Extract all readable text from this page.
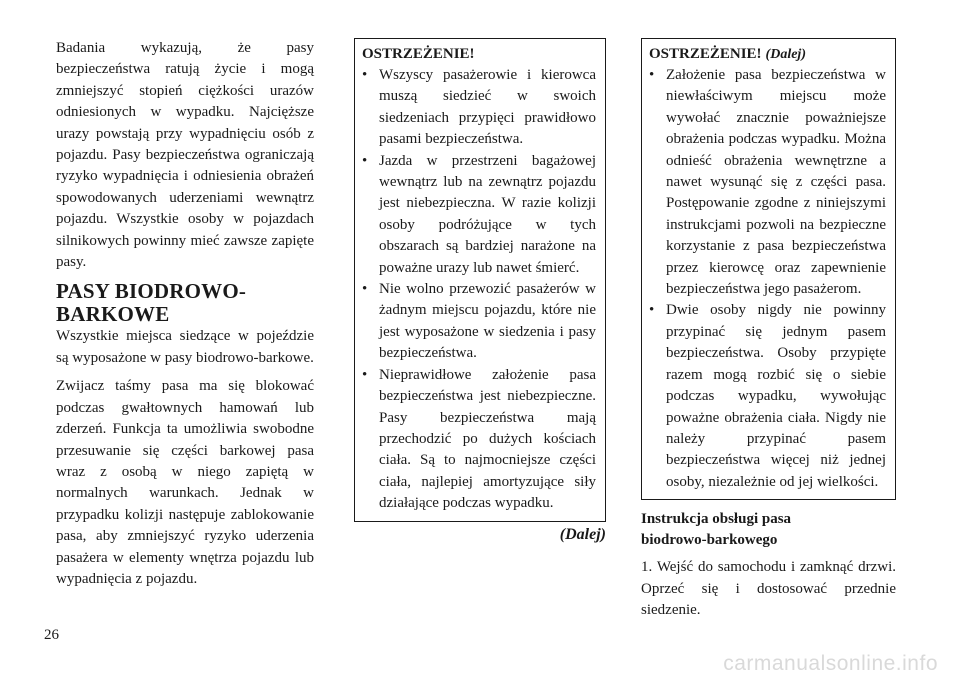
Badania wykazują, że pasy bezpieczeństwa ratują życie i mogą zmniejszyć stopień ciężkości urazów odniesionych w wypadku. Najcięższe urazy powstają przy wypadnięciu osób z pojazdu. Pasy bezpieczeństwa ograniczają ryzyko wypadnięcia i odniesienia obrażeń spowodowanych uderzeniami wewnątrz pojazdu. Wszystkie osoby w pojazdach silnikowych powinny mieć zawsze zapięte pasy.

PASY BIODROWO-BARKOWE

Wszystkie miejsca siedzące w pojeździe są wyposażone w pasy biodrowo-barkowe.

Zwijacz taśmy pasa ma się blokować podczas gwałtownych hamowań lub zderzeń. Funkcja ta umożliwia swobodne przesuwanie się części barkowej pasa wraz z osobą w niego zapiętą w normalnych warunkach. Jednak w przypadku kolizji następuje zablokowanie pasa, aby zmniejszyć ryzyko uderzenia pasażera w elementy wnętrza pojazdu lub wypadnięcia z pojazdu.

OSTRZEŻENIE!
• Wszyscy pasażerowie i kierowca muszą siedzieć w swoich siedzeniach przypięci prawidłowo pasami bezpieczeństwa.
• Jazda w przestrzeni bagażowej wewnątrz lub na zewnątrz pojazdu jest niebezpieczna. W razie kolizji osoby podróżujące w tych obszarach są bardziej narażone na poważne urazy lub nawet śmierć.
• Nie wolno przewozić pasażerów w żadnym miejscu pojazdu, które nie jest wyposażone w siedzenia i pasy bezpieczeństwa.
• Nieprawidłowe założenie pasa bezpieczeństwa jest niebezpieczne. Pasy bezpieczeństwa mają przechodzić po dużych kościach ciała. Są to najmocniejsze części ciała, najlepiej amortyzujące siły działające podczas wypadku.
(Dalej)
OSTRZEŻENIE! (Dalej)
• Założenie pasa bezpieczeństwa w niewłaściwym miejscu może wywołać znacznie poważniejsze obrażenia podczas wypadku. Można odnieść obrażenia wewnętrzne a nawet wysunąć się z części pasa. Postępowanie zgodne z niniejszymi instrukcjami pozwoli na bezpieczne korzystanie z pasa bezpieczeństwa przez kierowcę oraz zapewnienie bezpieczeństwa jego pasażerom.
• Dwie osoby nigdy nie powinny przypinać się jednym pasem bezpieczeństwa. Osoby przypięte razem mogą rozbić się o siebie podczas wypadku, wywołując poważne obrażenia ciała. Nigdy nie należy przypinać pasem bezpieczeństwa więcej niż jednej osoby, niezależnie od jej wielkości.
Instrukcja obsługi pasa
biodrowo-barkowego

1. Wejść do samochodu i zamknąć drzwi. Oprzeć się i dostosować przednie siedzenie.

26
carmanualsonline.info
